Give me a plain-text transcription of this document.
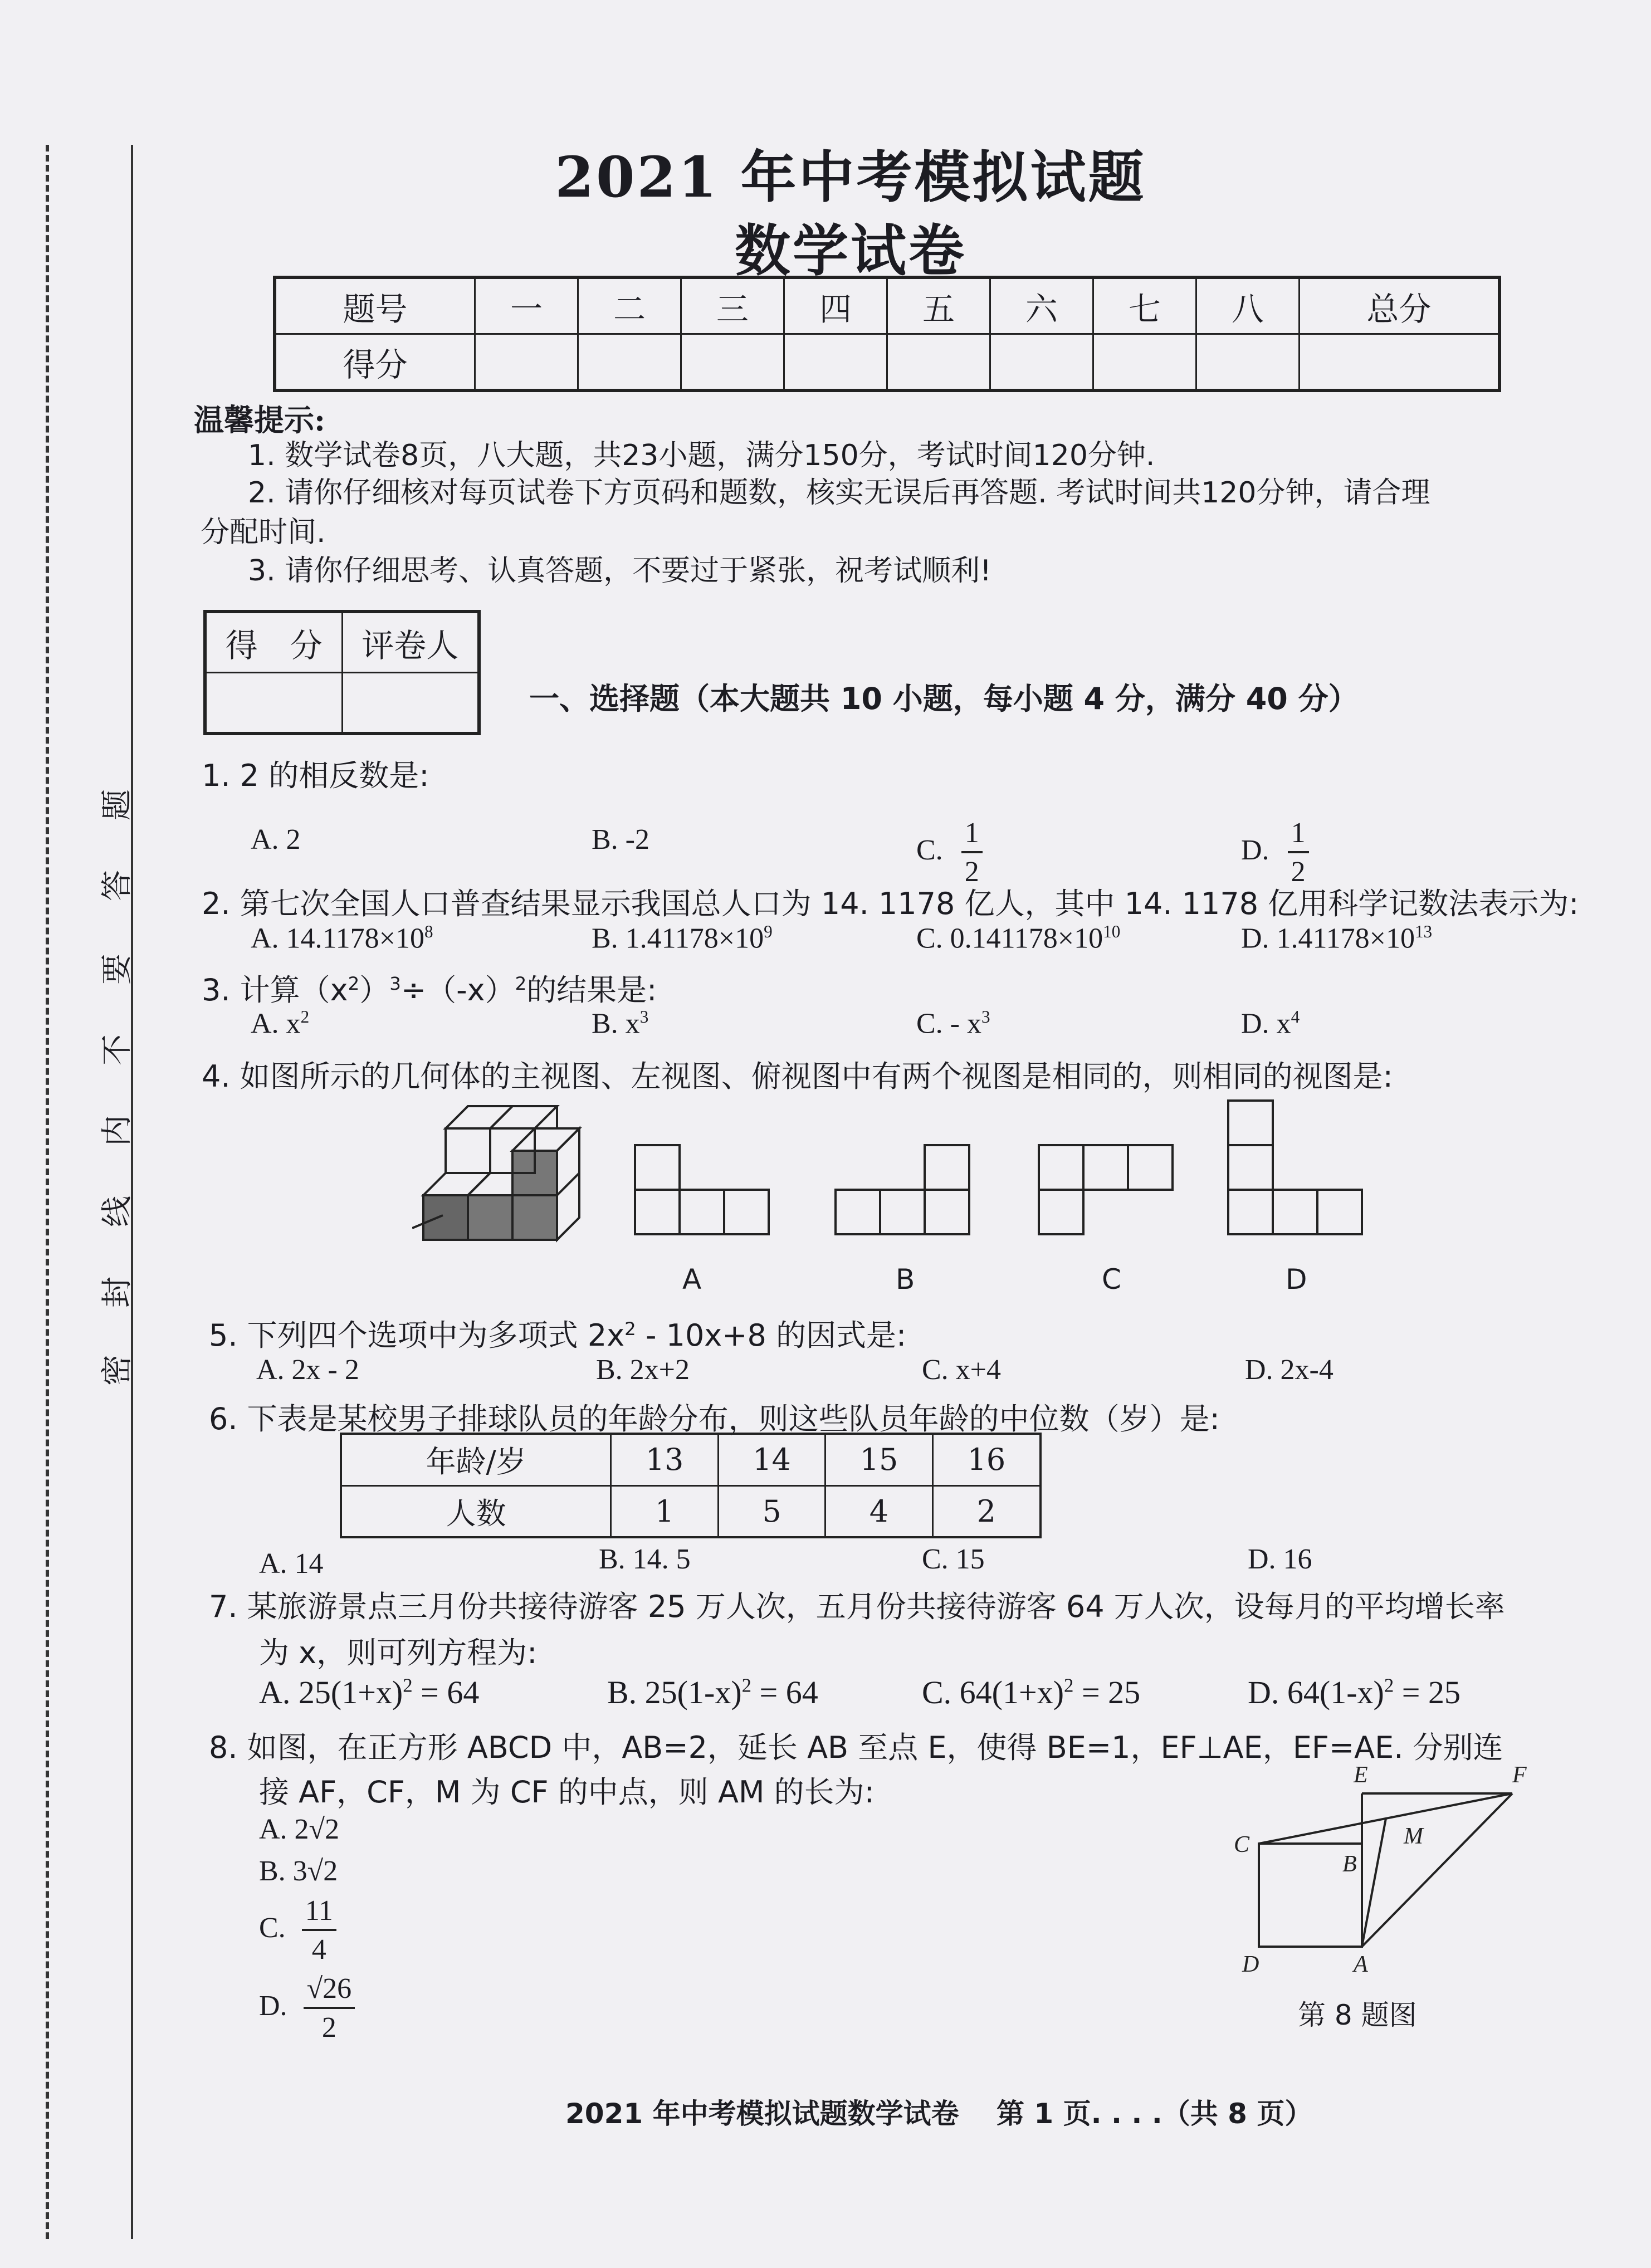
题
答
要
不
内
线
封
密
2021 年中考模拟试题
数学试卷
题号	一	二	三	四	五	六	七	八	总分
得分									
温馨提示:
1. 数学试卷8页，八大题，共23小题，满分150分，考试时间120分钟.
2. 请你仔细核对每页试卷下方页码和题数，核实无误后再答题. 考试时间共120分钟，请合理
分配时间.
3. 请你仔细思考、认真答题，不要过于紧张，祝考试顺利!
得　分	评卷人

一、选择题（本大题共 10 小题，每小题 4 分，满分 40 分）
1. 2 的相反数是:
A. 2	B. -2	C. $\frac{1}{2}$	D. $\frac{1}{2}$
2. 第七次全国人口普查结果显示我国总人口为 14. 1178 亿人，其中 14. 1178 亿用科学记数法表示为:
A. $14.1178\times 10^8$	B. $1.41178\times 10^9$	C. $0.141178\times 10^{10}$	D. $1.41178\times 10^{13}$
3. 计算$(x^2)^3\div(-x)^2$的结果是:
A. $x^2$	B. $x^3$	C. - $x^3$	D. $x^4$
4. 如图所示的几何体的主视图、左视图、俯视图中有两个视图是相同的，则相同的视图是:
A	B	C	D
5. 下列四个选项中为多项式 $2x^2 - 10x+8$ 的因式是:
A. 2x - 2	B. 2x+2	C. x+4	D. 2x-4
6. 下表是某校男子排球队员的年龄分布，则这些队员年龄的中位数（岁）是:
年龄/岁	13	14	15	16
人数	1	5	4	2
A. 14	B. 14. 5	C. 15	D. 16
7. 某旅游景点三月份共接待游客 25 万人次，五月份共接待游客 64 万人次，设每月的平均增长率
为 x，则可列方程为:
A. $25(1+x)^2 = 64$	B. $25(1-x)^2 = 64$	C. $64(1+x)^2 = 25$	D. $64(1-x)^2 = 25$
8. 如图，在正方形 ABCD 中，AB=2，延长 AB 至点 E，使得 BE=1，EF⊥AE，EF=AE. 分别连
接 AF，CF，M 为 CF 的中点，则 AM 的长为:
A. 2√2
B. 3√2
C. $\frac{11}{4}$
D. $\frac{√26}{2}$
E	F
C	M
B
D	A
第 8 题图
2021 年中考模拟试题数学试卷　 第 1 页. . . .（共 8 页）
